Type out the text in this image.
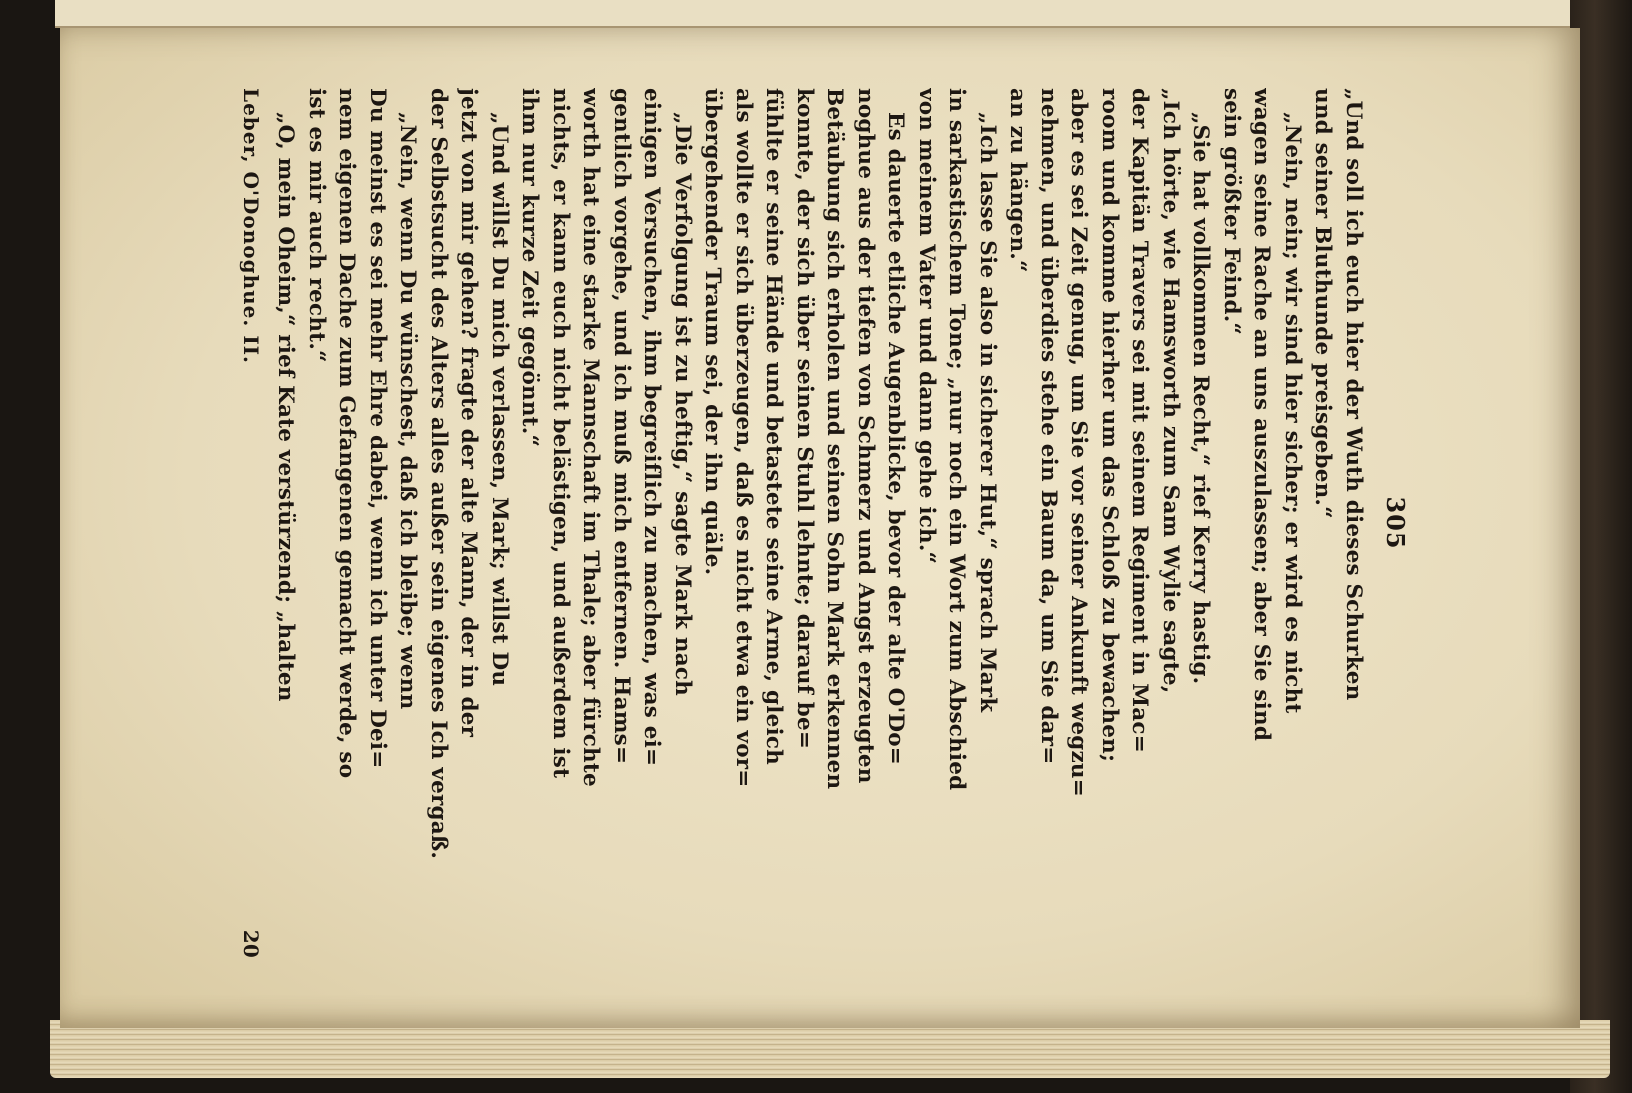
305
„Und soll ich euch hier der Wuth dieses Schurken
und seiner Bluthunde preisgeben.“
„Nein, nein; wir sind hier sicher; er wird es nicht
wagen seine Rache an uns auszulassen; aber Sie sind
sein größter Feind.“
„Sie hat vollkommen Recht,“ rief Kerry hastig.
„Ich hörte, wie Hamsworth zum Sam Wylie sagte,
der Kapitän Travers sei mit seinem Regiment in Mac=
room und komme hierher um das Schloß zu bewachen;
aber es sei Zeit genug, um Sie vor seiner Ankunft wegzu=
nehmen, und überdies stehe ein Baum da, um Sie dar=
an zu hängen.“
„Ich lasse Sie also in sicherer Hut,“ sprach Mark
in sarkastischem Tone; „nur noch ein Wort zum Abschied
von meinem Vater und dann gehe ich.“
Es dauerte etliche Augenblicke, bevor der alte O'Do=
noghue aus der tiefen von Schmerz und Angst erzeugten
Betäubung sich erholen und seinen Sohn Mark erkennen
konnte, der sich über seinen Stuhl lehnte; darauf be=
fühlte er seine Hände und betastete seine Arme, gleich
als wollte er sich überzeugen, daß es nicht etwa ein vor=
übergehender Traum sei, der ihn quäle.
„Die Verfolgung ist zu heftig,“ sagte Mark nach
einigen Versuchen, ihm begreiflich zu machen, was ei=
gentlich vorgehe, und ich muß mich entfernen. Hams=
worth hat eine starke Mannschaft im Thale; aber fürchte
nichts, er kann euch nicht belästigen, und außerdem ist
ihm nur kurze Zeit gegönnt.“
„Und willst Du mich verlassen, Mark; willst Du
jetzt von mir gehen? fragte der alte Mann, der in der
der Selbstsucht des Alters alles außer sein eigenes Ich vergaß.
„Nein, wenn Du wünschest, daß ich bleibe; wenn
Du meinst es sei mehr Ehre dabei, wenn ich unter Dei=
nem eigenen Dache zum Gefangenen gemacht werde, so
ist es mir auch recht.“
„O, mein Oheim,“ rief Kate verstürzend; „halten
Leber, O'Donoghue. II.
20
